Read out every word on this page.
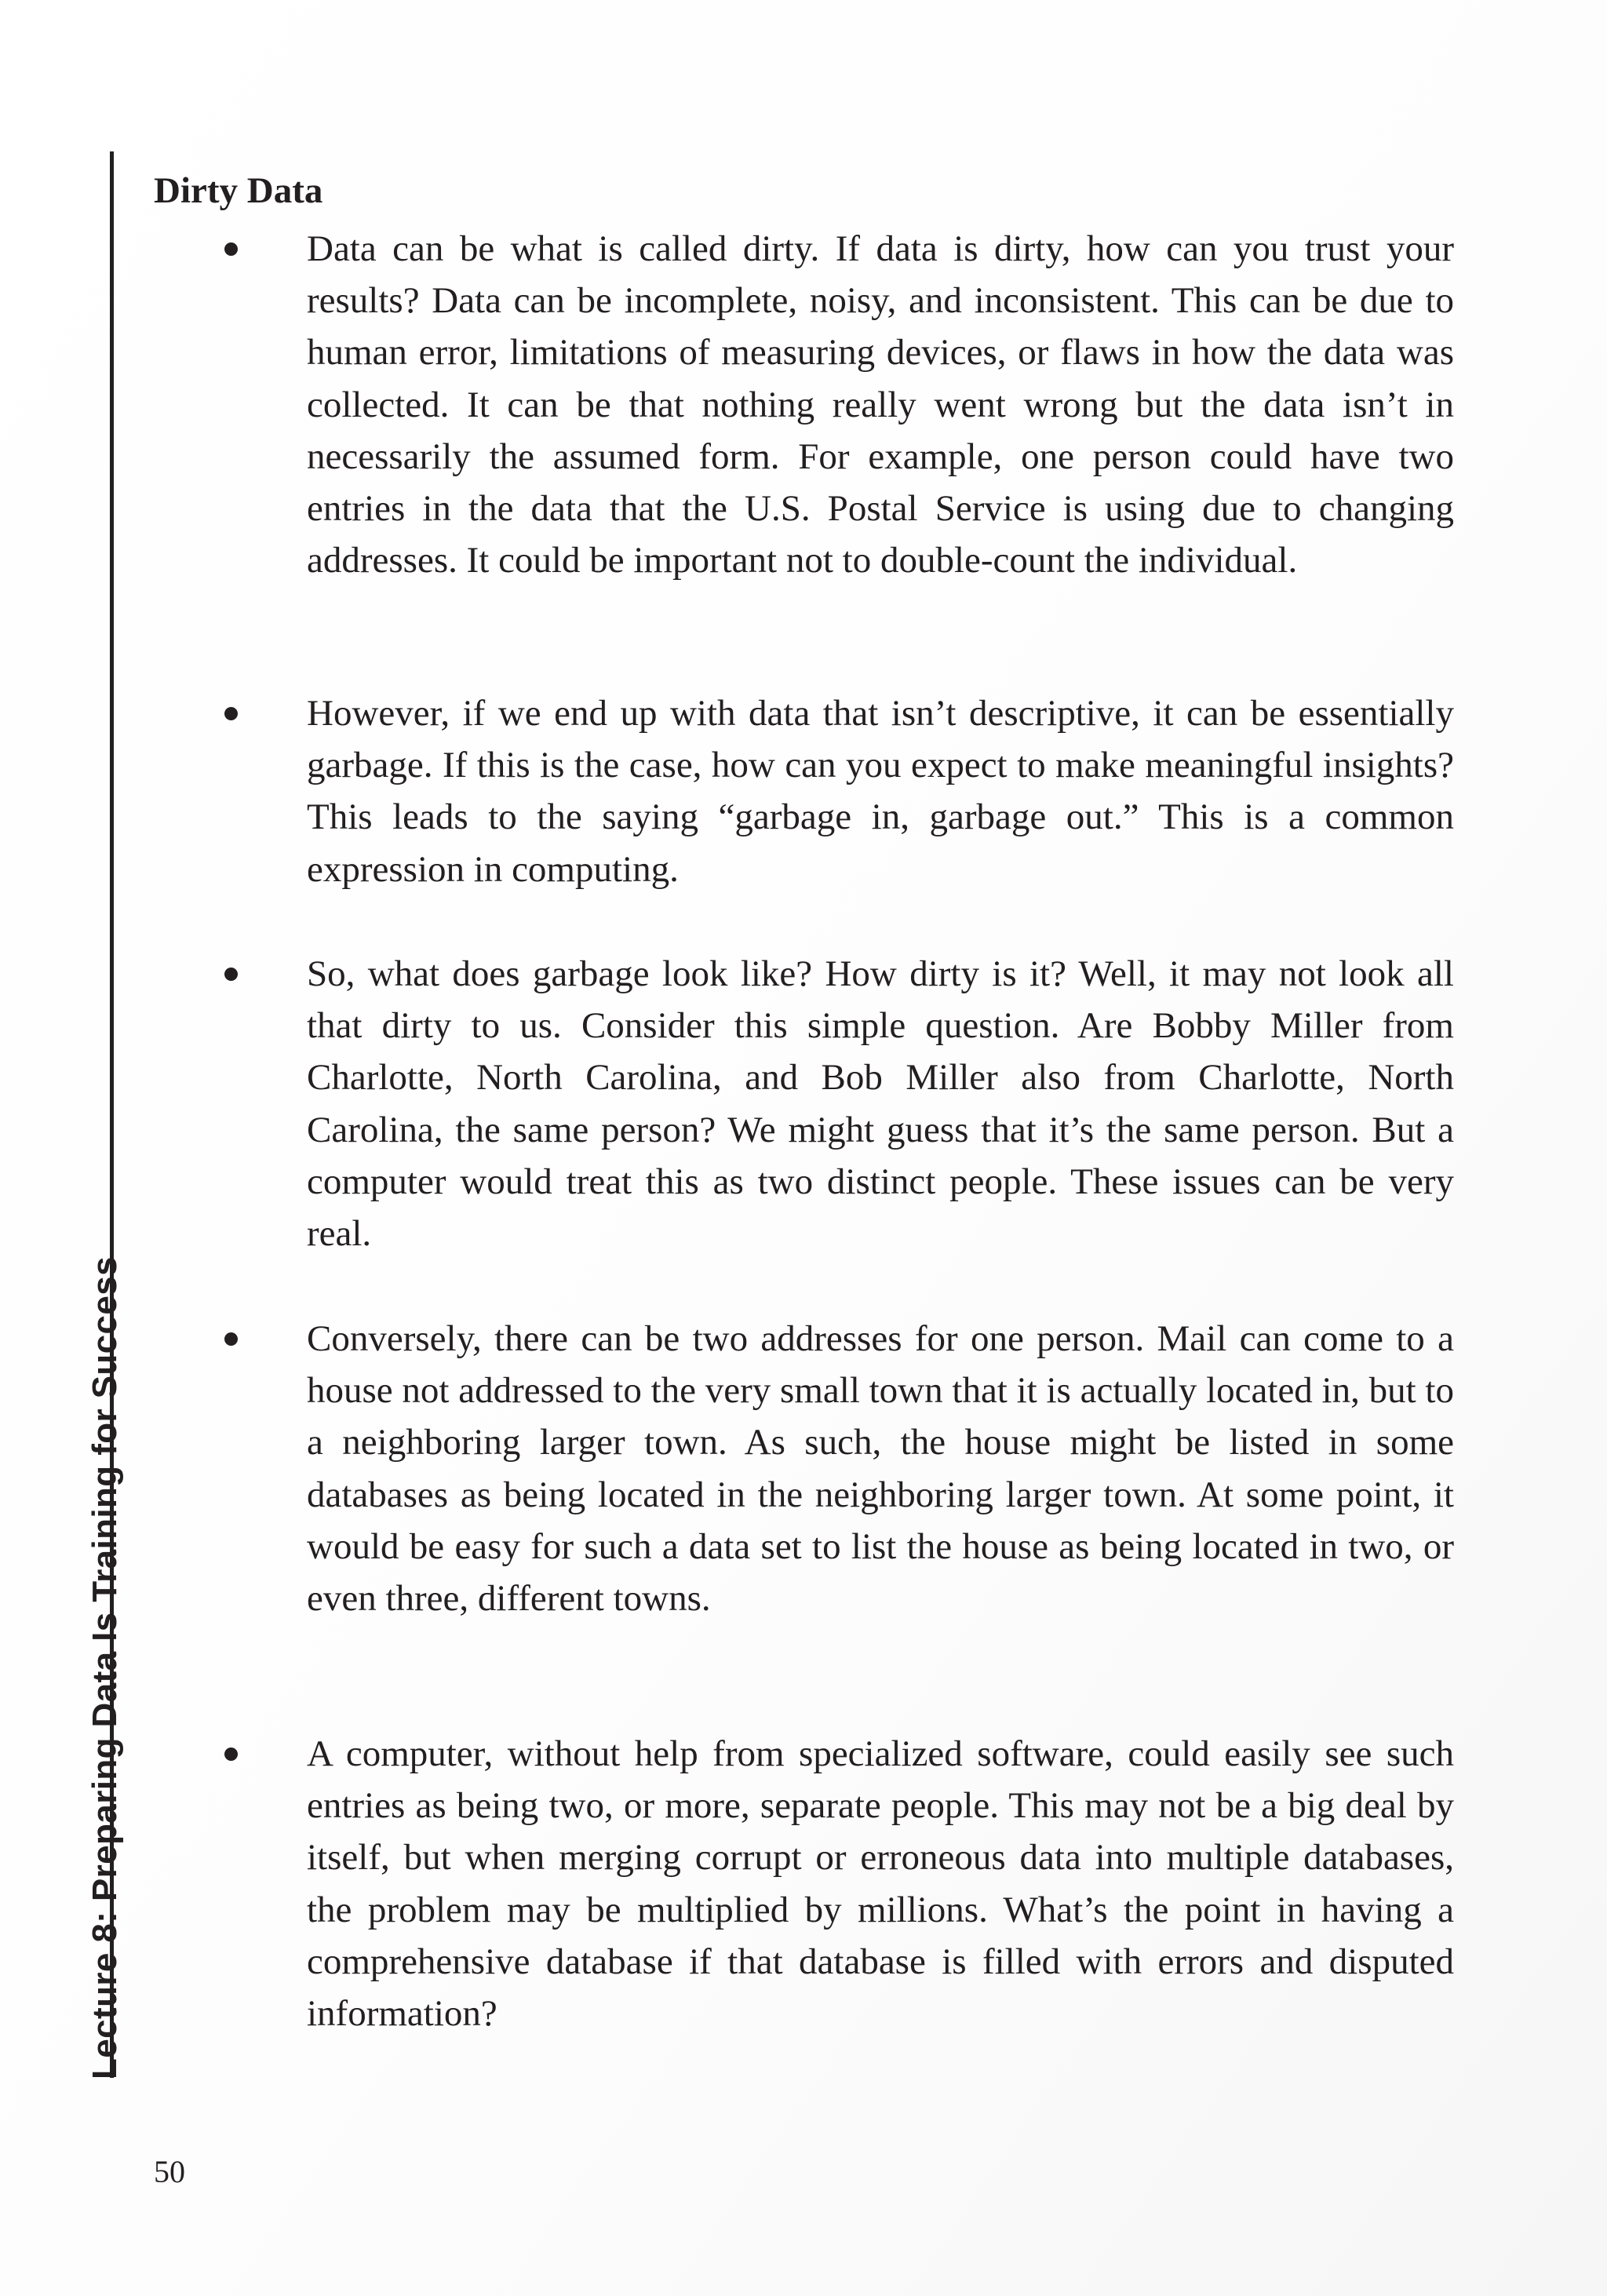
Lecture 8: Preparing Data Is Training for Success
Dirty Data

Data can be what is called dirty. If data is dirty, how can you trust your results? Data can be incomplete, noisy, and inconsistent. This can be due to human error, limitations of measuring devices, or flaws in how the data was collected. It can be that nothing really went wrong but the data isn’t in necessarily the assumed form. For example, one person could have two entries in the data that the U.S. Postal Service is using due to changing addresses. It could be important not to double-count the individual.

However, if we end up with data that isn’t descriptive, it can be essentially garbage. If this is the case, how can you expect to make meaningful insights? This leads to the saying “garbage in, garbage out.” This is a common expression in computing.

So, what does garbage look like? How dirty is it? Well, it may not look all that dirty to us. Consider this simple question. Are Bobby Miller from Charlotte, North Carolina, and Bob Miller also from Charlotte, North Carolina, the same person? We might guess that it’s the same person. But a computer would treat this as two distinct people. These issues can be very real.

Conversely, there can be two addresses for one person. Mail can come to a house not addressed to the very small town that it is actually located in, but to a neighboring larger town. As such, the house might be listed in some databases as being located in the neighboring larger town. At some point, it would be easy for such a data set to list the house as being located in two, or even three, different towns.

A computer, without help from specialized software, could easily see such entries as being two, or more, separate people. This may not be a big deal by itself, but when merging corrupt or erroneous data into multiple databases, the problem may be multiplied by millions. What’s the point in having a comprehensive database if that database is filled with errors and disputed information?

50
